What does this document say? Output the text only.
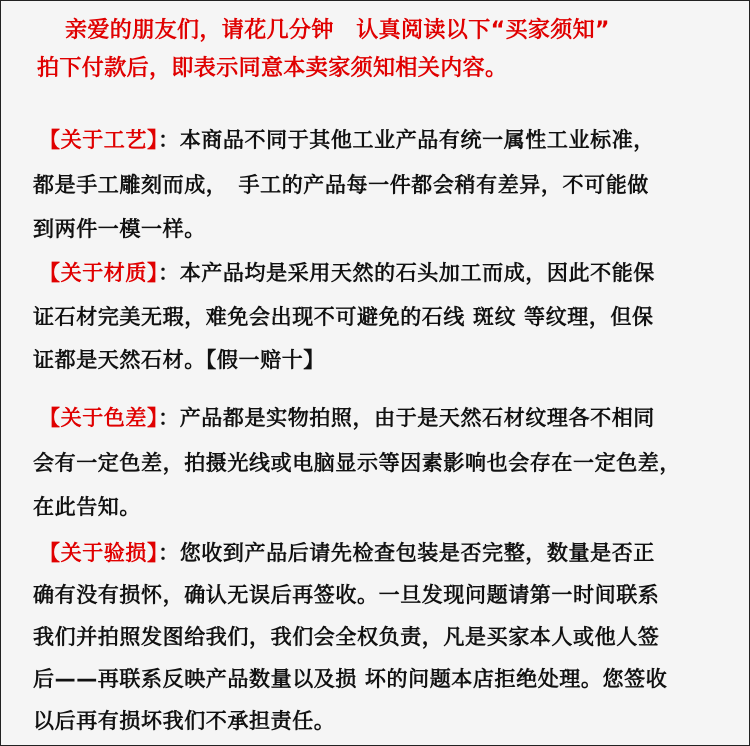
亲爱的朋友们，请花几分钟　认真阅读以下“买家须知”
拍下付款后，即表示同意本卖家须知相关内容。
【关于工艺】：本商品不同于其他工业产品有统一属性工业标准，
都是手工雕刻而成，　手工的产品每一件都会稍有差异，不可能做
到两件一模一样。
【关于材质】：本产品均是采用天然的石头加工而成，因此不能保
证石材完美无瑕，难免会出现不可避免的石线 斑纹 等纹理，但保
证都是天然石材。【假一赔十】
【关于色差】：产品都是实物拍照，由于是天然石材纹理各不相同
会有一定色差，拍摄光线或电脑显示等因素影响也会存在一定色差，
在此告知。
【关于验损】：您收到产品后请先检查包装是否完整，数量是否正
确有没有损怀，确认无误后再签收。一旦发现问题请第一时间联系
我们并拍照发图给我们，我们会全权负责，凡是买家本人或他人签
后——再联系反映产品数量以及损 坏的问题本店拒绝处理。您签收
以后再有损坏我们不承担责任。
